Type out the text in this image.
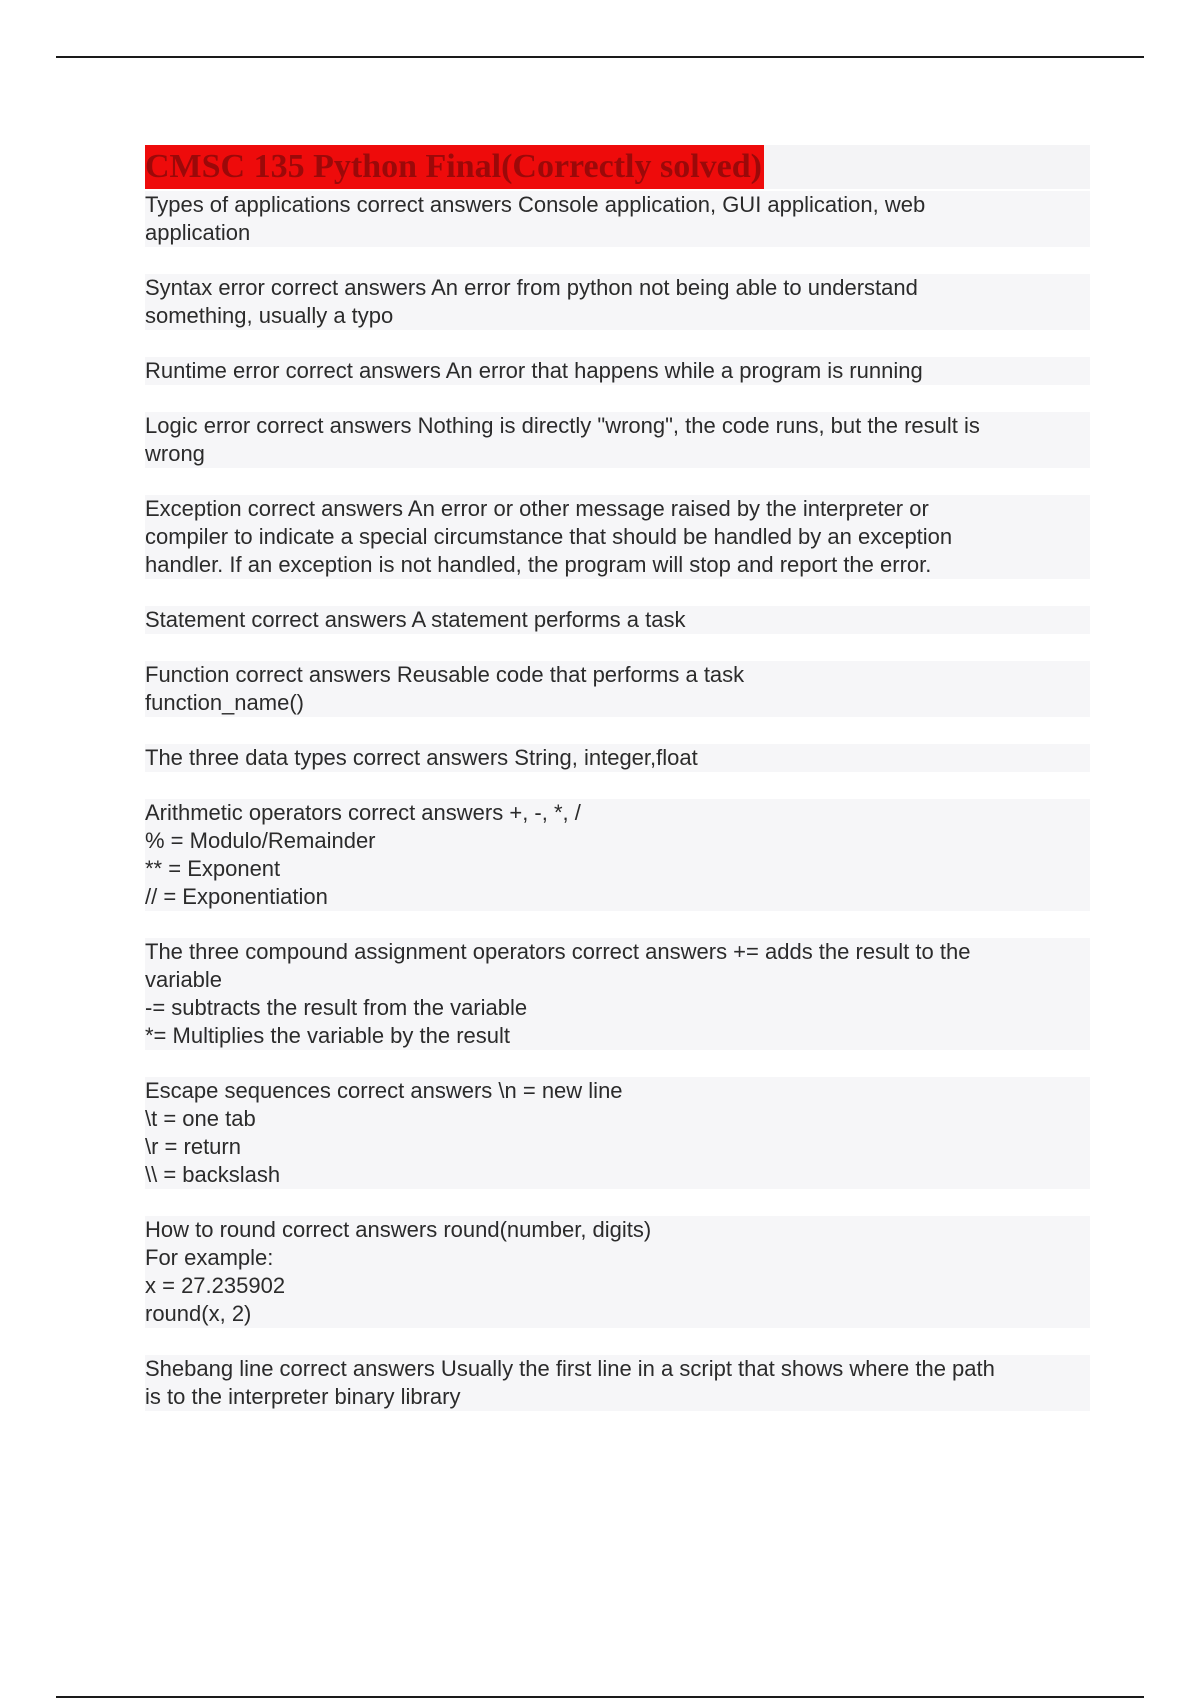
CMSC 135 Python Final(Correctly solved)
Types of applications correct answers Console application, GUI application, web
application
Syntax error correct answers An error from python not being able to understand
something, usually a typo
Runtime error correct answers An error that happens while a program is running
Logic error correct answers Nothing is directly "wrong", the code runs, but the result is
wrong
Exception correct answers An error or other message raised by the interpreter or
compiler to indicate a special circumstance that should be handled by an exception
handler. If an exception is not handled, the program will stop and report the error.
Statement correct answers A statement performs a task
Function correct answers Reusable code that performs a task
function_name()
The three data types correct answers String, integer,float
Arithmetic operators correct answers +, -, *, /
% = Modulo/Remainder
** = Exponent
// = Exponentiation
The three compound assignment operators correct answers += adds the result to the
variable
-= subtracts the result from the variable
*= Multiplies the variable by the result
Escape sequences correct answers \n = new line
\t = one tab
\r = return
\\ = backslash
How to round correct answers round(number, digits)
For example:
x = 27.235902
round(x, 2)
Shebang line correct answers Usually the first line in a script that shows where the path
is to the interpreter binary library
